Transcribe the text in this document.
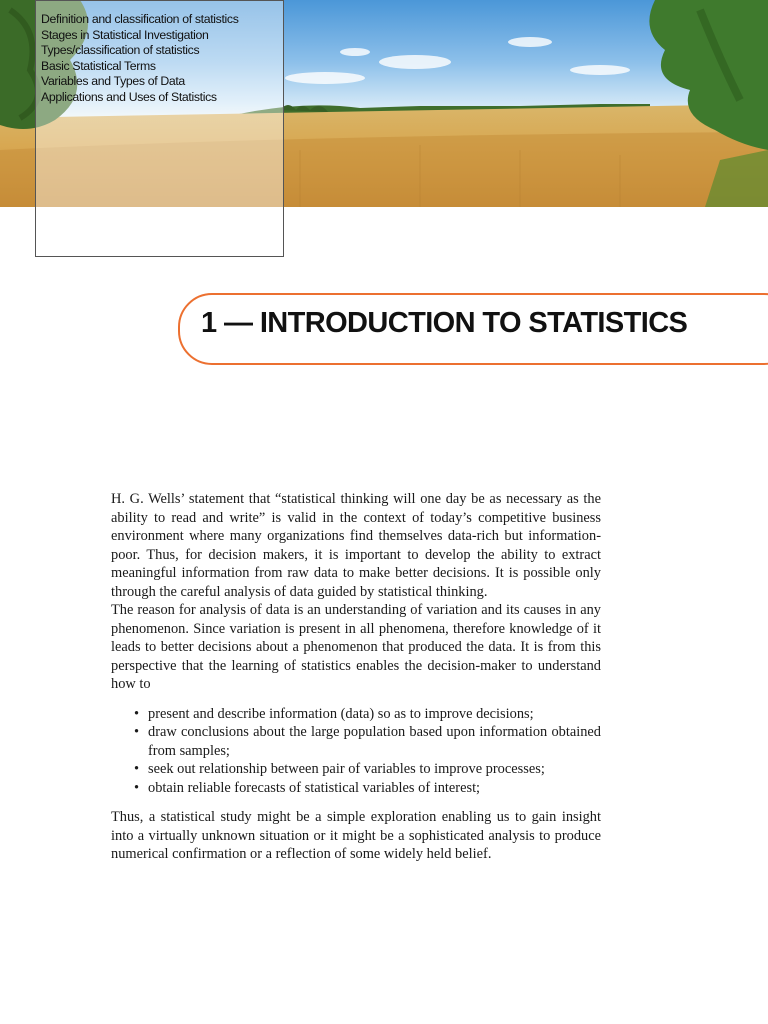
Definition and classification of statistics
Stages in Statistical Investigation
Types/classification of statistics
Basic Statistical Terms
Variables and Types of Data
Applications and Uses of Statistics
1 — INTRODUCTION TO STATISTICS

H. G. Wells’ statement that “statistical thinking will one day be as necessary as the ability to read and write” is valid in the context of today’s competitive business environment where many organizations find themselves data-rich but information-poor. Thus, for decision makers, it is important to develop the ability to extract meaningful information from raw data to make better decisions. It is possible only through the careful analysis of data guided by statistical thinking.

The reason for analysis of data is an understanding of variation and its causes in any phenomenon. Since variation is present in all phenomena, therefore knowledge of it leads to better decisions about a phenomenon that produced the data. It is from this perspective that the learning of statistics enables the decision-maker to understand how to

• present and describe information (data) so as to improve decisions;
• draw conclusions about the large population based upon information obtained from samples;
• seek out relationship between pair of variables to improve processes;
• obtain reliable forecasts of statistical variables of interest;

Thus, a statistical study might be a simple exploration enabling us to gain insight into a virtually unknown situation or it might be a sophisticated analysis to produce numerical confirmation or a reflection of some widely held belief.
